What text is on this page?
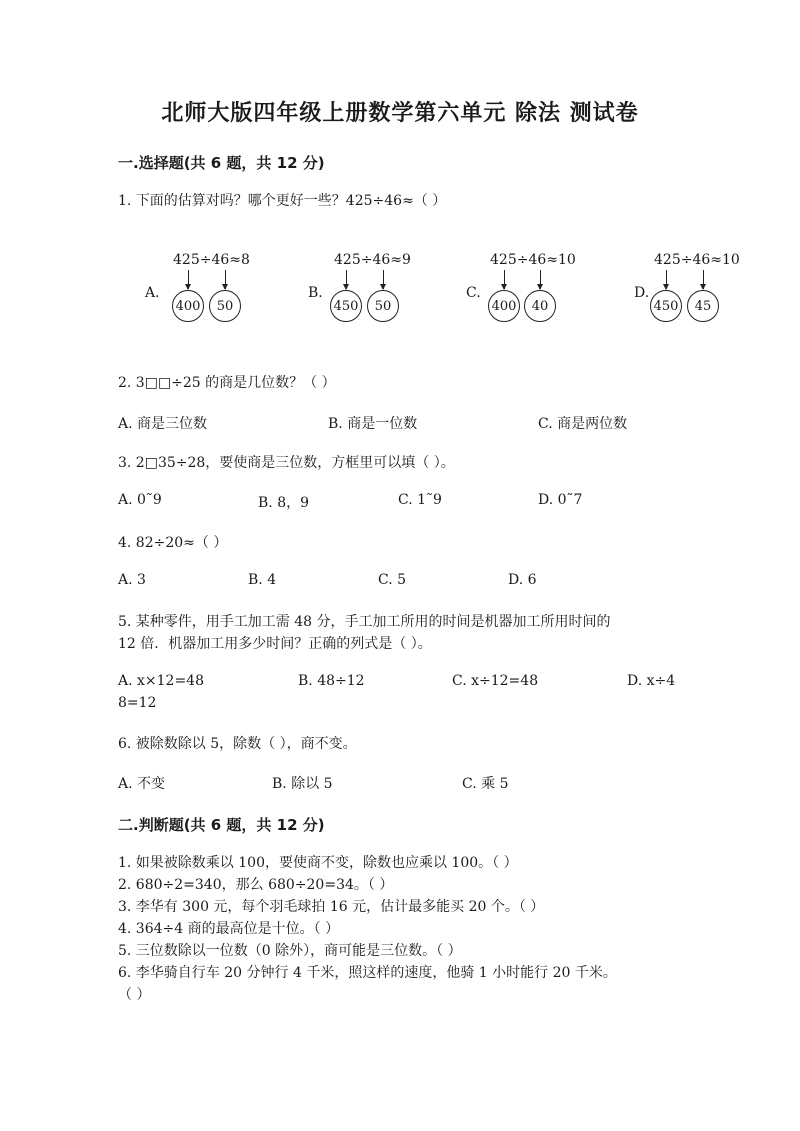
北师大版四年级上册数学第六单元 除法 测试卷
一.选择题(共 6 题，共 12 分)
1. 下面的估算对吗？哪个更好一些？425÷46≈（ ）
425÷46≈8
A.
400	50
425÷46≈9
B.
450	50
425÷46≈10
C.
400	40
425÷46≈10
D.
450	45
2. 3□□÷25 的商是几位数？（ ）
A. 商是三位数	B. 商是一位数	C. 商是两位数
3. 2□35÷28，要使商是三位数，方框里可以填（ ）。
A. 0˜9	B. 8，9	C. 1˜9	D. 0˜7
4. 82÷20≈（ ）
A. 3	B. 4	C. 5	D. 6
5. 某种零件，用手工加工需 48 分，手工加工所用的时间是机器加工所用时间的
12 倍．机器加工用多少时间？正确的列式是（ ）。
A. x×12=48	B. 48÷12	C. x÷12=48	D. x÷4
8=12
6. 被除数除以 5，除数（ ），商不变。
A. 不变	B. 除以 5	C. 乘 5
二.判断题(共 6 题，共 12 分)
1. 如果被除数乘以 100，要使商不变，除数也应乘以 100。（ ）
2. 680÷2=340，那么 680÷20=34。（ ）
3. 李华有 300 元，每个羽毛球拍 16 元，估计最多能买 20 个。（ ）
4. 364÷4 商的最高位是十位。（ ）
5. 三位数除以一位数（0 除外），商可能是三位数。（ ）
6. 李华骑自行车 20 分钟行 4 千米，照这样的速度，他骑 1 小时能行 20 千米。
（ ）
